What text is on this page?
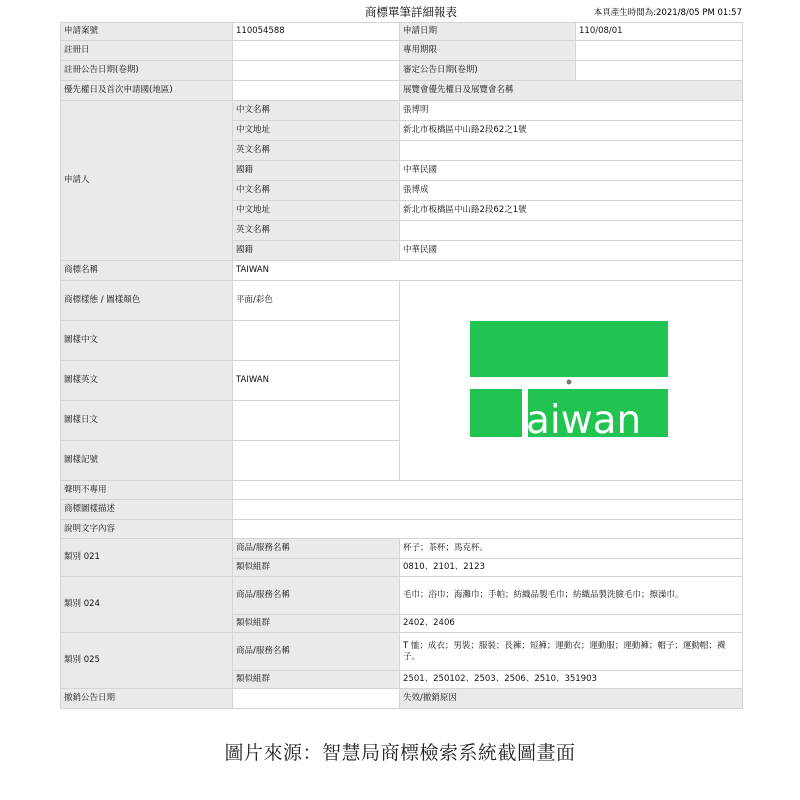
商標單筆詳細報表	本頁產生時間為:2021/8/05 PM 01:57
申請案號	110054588	申請日期	110/08/01
註冊日		專用期限	
註冊公告日期(卷期)		審定公告日期(卷期)	
優先權日及首次申請國(地區)		展覽會優先權日及展覽會名稱	
申請人	中文名稱	張博明	
	中文地址	新北市板橋區中山路2段62之1號	
	英文名稱		
	國籍	中華民國	
	中文名稱	張博成	
	中文地址	新北市板橋區中山路2段62之1號	
	英文名稱		
	國籍	中華民國	
商標名稱	TAIWAN		
商標樣態 / 圖樣顏色	平面/彩色	aiwan	

圖樣中文			
圖樣英文	TAIWAN		
圖樣日文			
圖樣記號			
聲明不專用			
商標圖樣描述			
說明文字內容			
類別 021	商品/服務名稱	杯子；茶杯；馬克杯。	
	類似組群	0810、2101、2123	
類別 024	商品/服務名稱	毛巾；浴巾；海灘巾；手帕；紡織品製毛巾；紡織品製洗臉毛巾；擦澡巾。	
	類似組群	2402、2406	
類別 025	商品/服務名稱	T 恤；成衣；男裝；服裝；長褲；短褲；運動衣；運動服；運動褲；帽子；運動帽；襪子。	
	類似組群	2501、250102、2503、2506、2510、351903	
撤銷公告日期		失效/撤銷原因	
圖片來源：智慧局商標檢索系統截圖畫面
